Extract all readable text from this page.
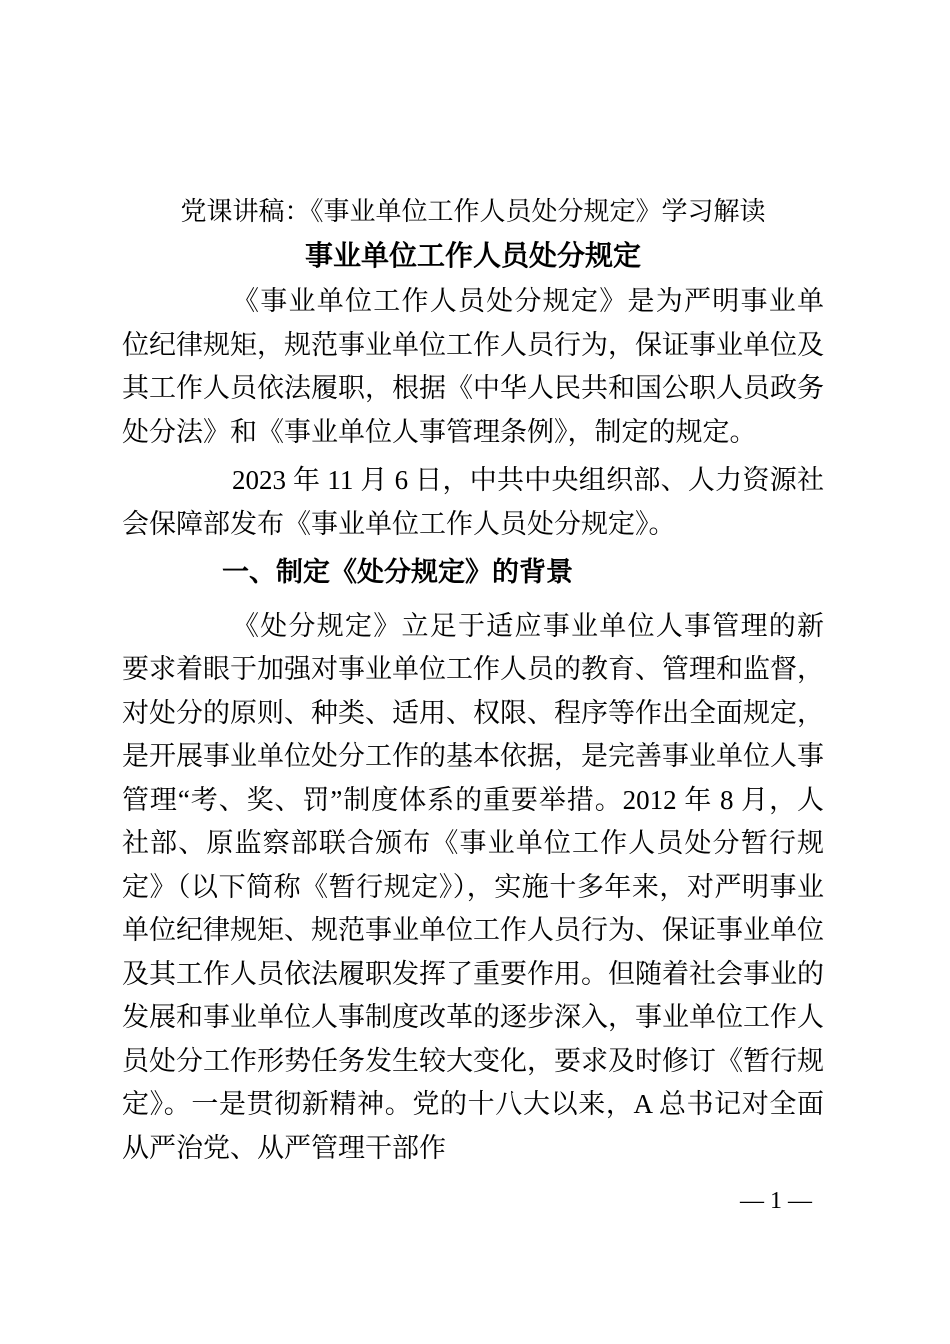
党课讲稿：《事业单位工作人员处分规定》学习解读
事业单位工作人员处分规定

《事业单位工作人员处分规定》是为严明事业单位纪律规矩，规范事业单位工作人员行为，保证事业单位及其工作人员依法履职，根据《中华人民共和国公职人员政务处分法》和《事业单位人事管理条例》，制定的规定。

2023 年 11 月 6 日，中共中央组织部、人力资源社会保障部发布《事业单位工作人员处分规定》。

一、制定《处分规定》的背景

《处分规定》立足于适应事业单位人事管理的新要求着眼于加强对事业单位工作人员的教育、管理和监督，对处分的原则、种类、适用、权限、程序等作出全面规定，是开展事业单位处分工作的基本依据，是完善事业单位人事管理“考、奖、罚”制度体系的重要举措。2012 年 8 月，人社部、原监察部联合颁布《事业单位工作人员处分暂行规定》（以下简称《暂行规定》），实施十多年来，对严明事业单位纪律规矩、规范事业单位工作人员行为、保证事业单位及其工作人员依法履职发挥了重要作用。但随着社会事业的发展和事业单位人事制度改革的逐步深入，事业单位工作人员处分工作形势任务发生较大变化，要求及时修订《暂行规定》。一是贯彻新精神。党的十八大以来，A 总书记对全面从严治党、从严管理干部作

— 1 —
